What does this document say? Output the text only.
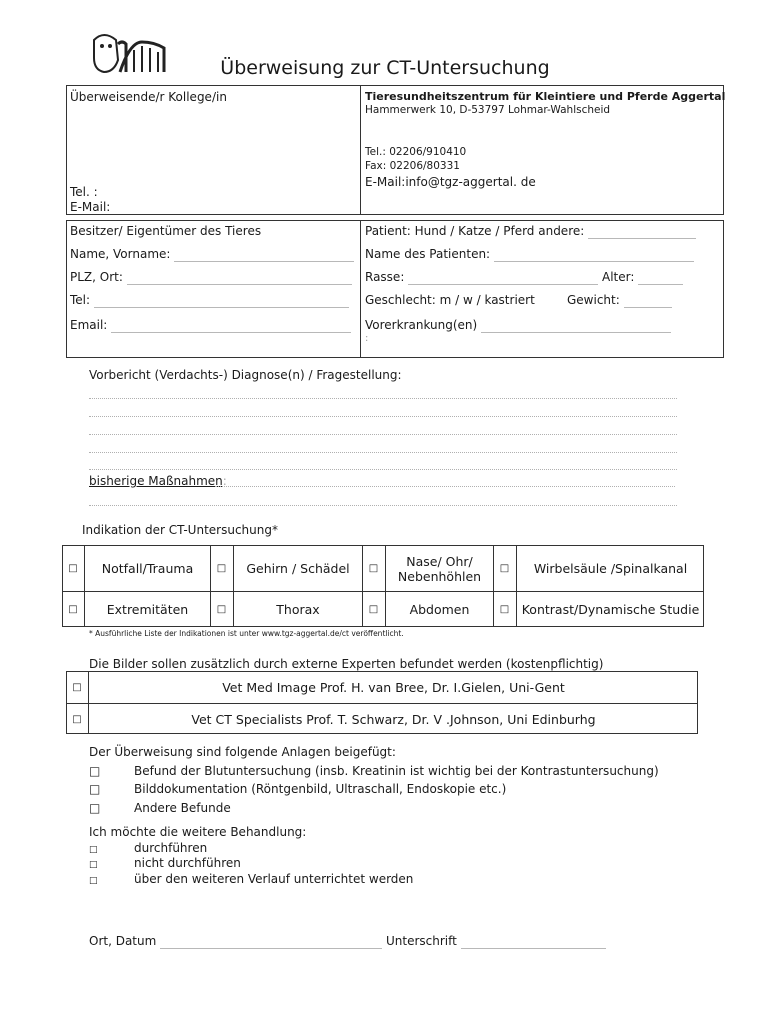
Überweisung zur CT-Untersuchung
Überweisende/r Kollege/in
Tel. :
E-Mail:
Tieresundheitszentrum für Kleintiere und Pferde Aggertal
Hammerwerk 10, D-53797 Lohmar-Wahlscheid
Tel.: 02206/910410
Fax: 02206/80331
E-Mail:info@tgz-aggertal. de
Besitzer/ Eigentümer des Tieres
Name, Vorname:
PLZ, Ort:
Tel:
Email:
Patient: Hund / Katze / Pferd andere:
Name des Patienten:
Rasse:	Alter:
Geschlecht: m / w / kastriert	Gewicht:
Vorerkrankung(en)
:
Vorbericht (Verdachts-) Diagnose(n) / Fragestellung:
bisherige Maßnahmen:
Indikation der CT-Untersuchung*
□	Notfall/Trauma	□	Gehirn / Schädel	□	Nase/ Ohr/ Nebenhöhlen	□	Wirbelsäule /Spinalkanal
□	Extremitäten	□	Thorax	□	Abdomen	□	Kontrast/Dynamische Studie
* Ausführliche Liste der Indikationen ist unter www.tgz-aggertal.de/ct veröffentlicht.
Die Bilder sollen zusätzlich durch externe Experten befundet werden (kostenpflichtig)
□	Vet Med Image Prof. H. van Bree, Dr. I.Gielen, Uni-Gent
□	Vet CT Specialists Prof. T. Schwarz, Dr. V .Johnson, Uni Edinburhg
Der Überweisung sind folgende Anlagen beigefügt:
□	Befund der Blutuntersuchung (insb. Kreatinin ist wichtig bei der Kontrastuntersuchung)
□	Bilddokumentation (Röntgenbild, Ultraschall, Endoskopie etc.)
□	Andere Befunde
Ich möchte die weitere Behandlung:
□	durchführen
□	nicht durchführen
□	über den weiteren Verlauf unterrichtet werden
Ort, Datum	Unterschrift
